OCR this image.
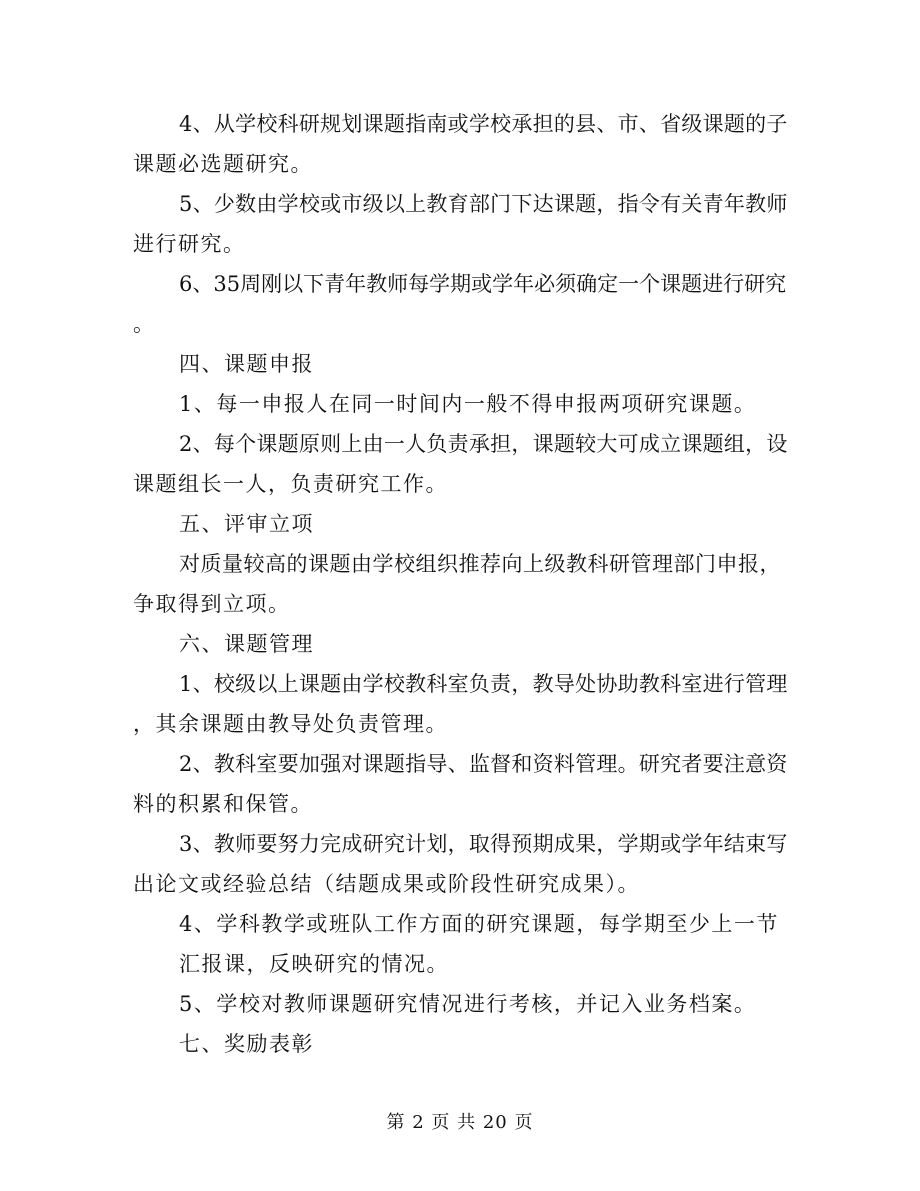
4、从学校科研规划课题指南或学校承担的县、市、省级课题的子
课题必选题研究。
5、少数由学校或市级以上教育部门下达课题，指令有关青年教师
进行研究。
6、35周刚以下青年教师每学期或学年必须确定一个课题进行研究
。
四、课题申报
1、每一申报人在同一时间内一般不得申报两项研究课题。
2、每个课题原则上由一人负责承担，课题较大可成立课题组，设
课题组长一人，负责研究工作。
五、评审立项
对质量较高的课题由学校组织推荐向上级教科研管理部门申报，
争取得到立项。
六、课题管理
1、校级以上课题由学校教科室负责，教导处协助教科室进行管理
，其余课题由教导处负责管理。
2、教科室要加强对课题指导、监督和资料管理。研究者要注意资
料的积累和保管。
3、教师要努力完成研究计划，取得预期成果，学期或学年结束写
出论文或经验总结（结题成果或阶段性研究成果）。
4、学科教学或班队工作方面的研究课题，每学期至少上一节
汇报课，反映研究的情况。
5、学校对教师课题研究情况进行考核，并记入业务档案。
七、奖励表彰
第 2 页 共 20 页
